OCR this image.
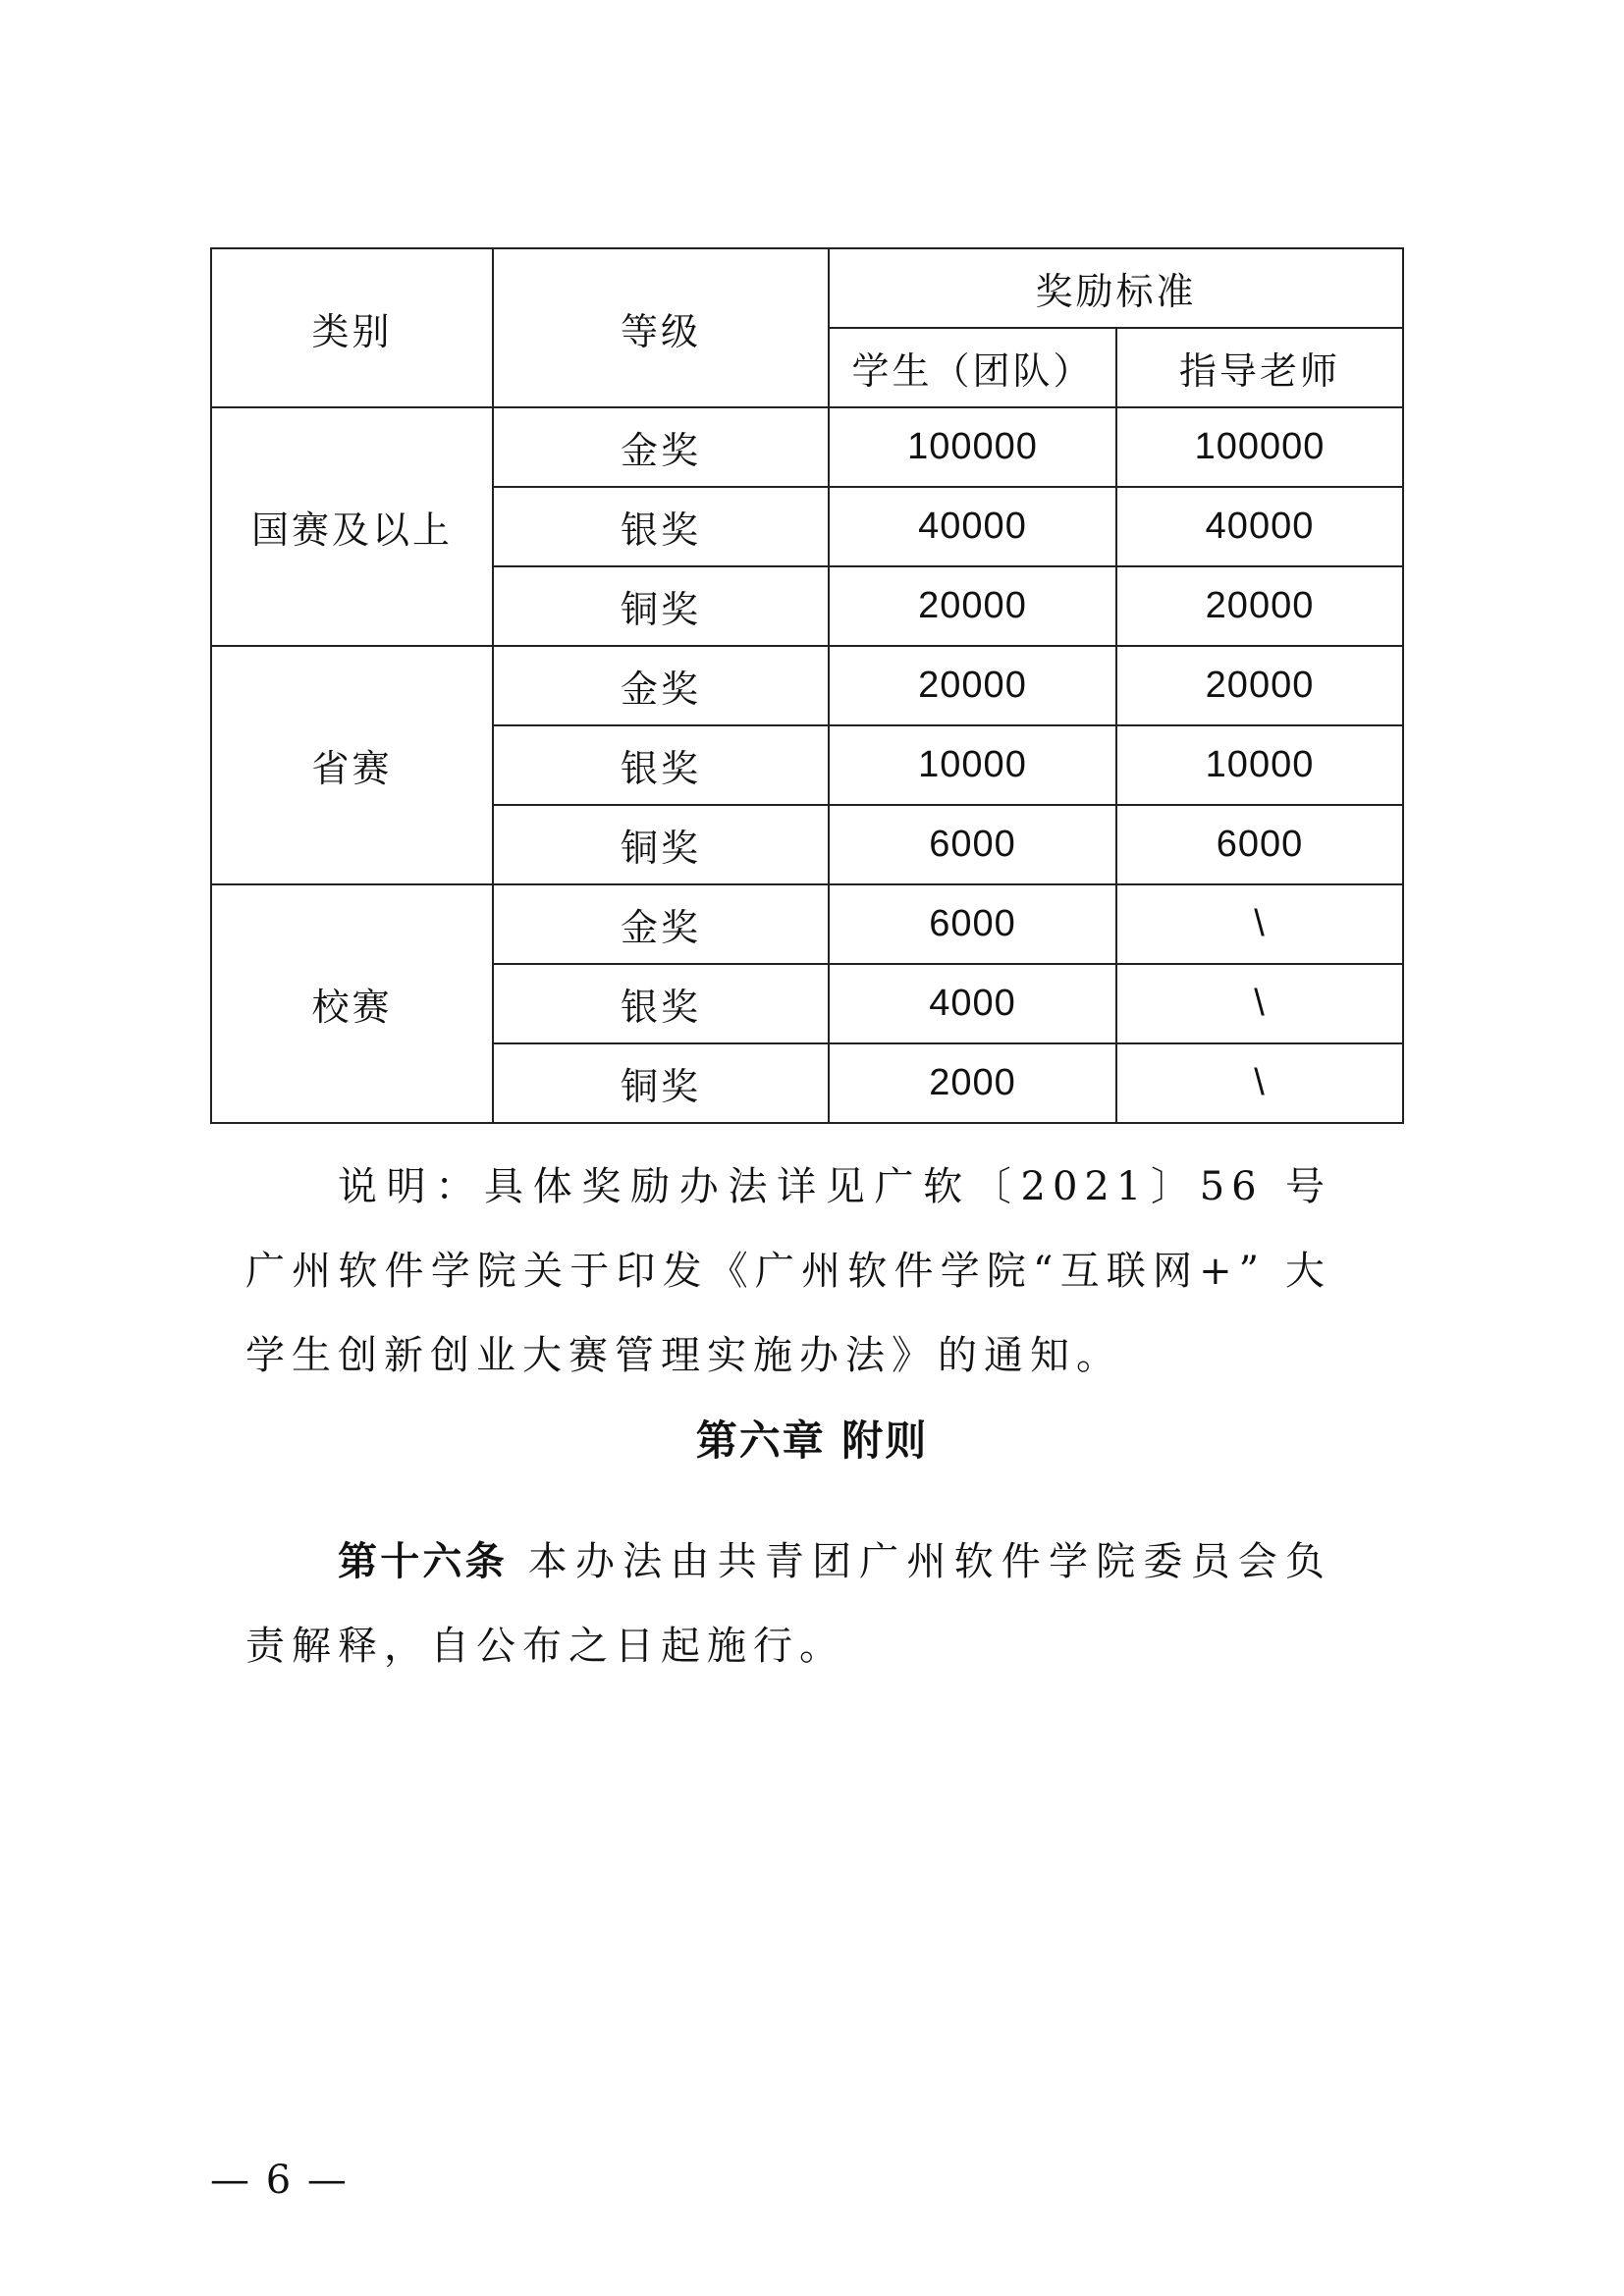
类别	等级	奖励标准	
		学生（团队）	指导老师
国赛及以上	金奖	100000	100000
	银奖	40000	40000
	铜奖	20000	20000
省赛	金奖	20000	20000
	银奖	10000	10000
	铜奖	6000	6000
校赛	金奖	6000	\
	银奖	4000	\
	铜奖	2000	\

说明：具体奖励办法详见广软〔2021〕56 号广州软件学院关于印发《广州软件学院“互联网+” 大学生创新创业大赛管理实施办法》的通知。

第六章 附则

第十六条 本办法由共青团广州软件学院委员会负责解释，自公布之日起施行。

— 6 —
